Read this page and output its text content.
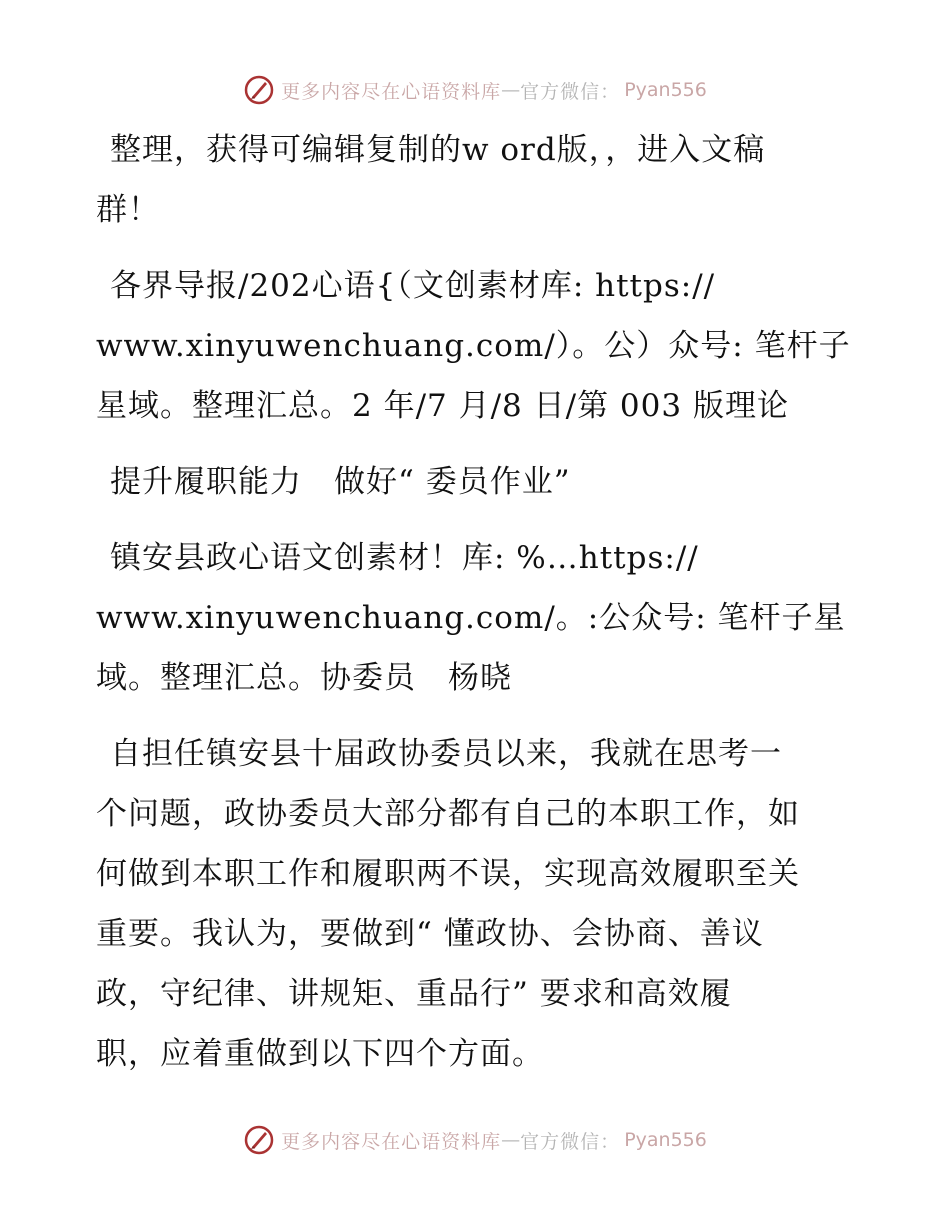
更多内容尽在心语资料库 — 官方微信： Pyan556

整理，获得可编辑复制的w ord版，，进入文稿
群！

各界导报/202心语{（文创素材库: https://
www.xinyuwenchuang.com/）。公）众号: 笔杆子
星域。整理汇总。2 年/7 月/8 日/第 003 版理论

提升履职能力　做好“ 委员作业”

镇安县政心语文创素材！库: %…https://
www.xinyuwenchuang.com/。:公众号: 笔杆子星
域。整理汇总。协委员　杨晓

自担任镇安县十届政协委员以来，我就在思考一
个问题，政协委员大部分都有自己的本职工作，如
何做到本职工作和履职两不误，实现高效履职至关
重要。我认为，要做到“ 懂政协、会协商、善议
政，守纪律、讲规矩、重品行” 要求和高效履
职，应着重做到以下四个方面。

更多内容尽在心语资料库 — 官方微信： Pyan556
